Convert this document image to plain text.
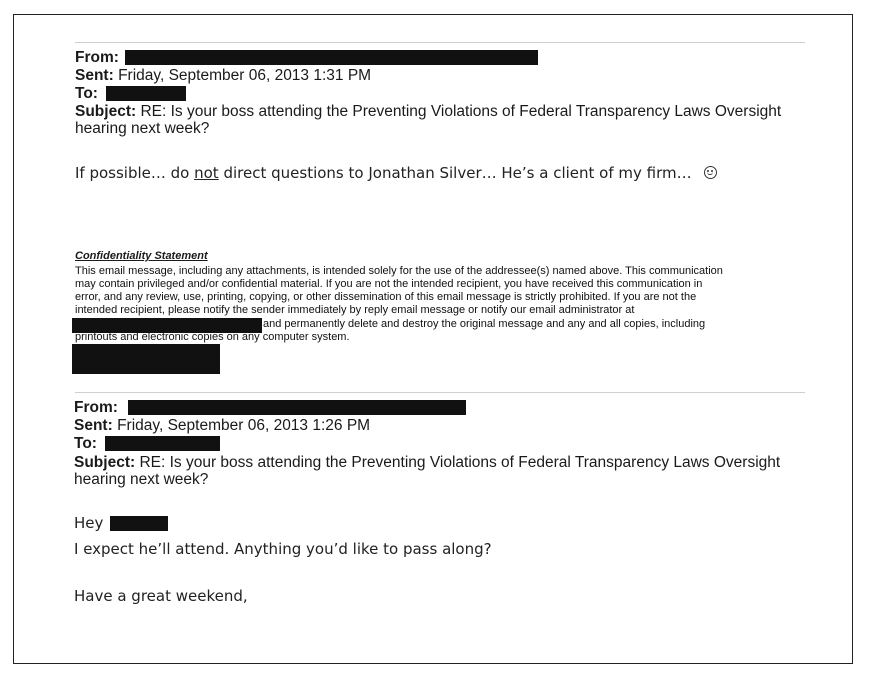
From:
Sent: Friday, September 06, 2013 1:31 PM
To:
Subject: RE: Is your boss attending the Preventing Violations of Federal Transparency Laws Oversight hearing next week?
If possible… do not direct questions to Jonathan Silver… He’s a client of my firm…
Confidentiality Statement
This email message, including any attachments, is intended solely for the use of the addressee(s) named above. This communication
may contain privileged and/or confidential material. If you are not the intended recipient, you have received this communication in
error, and any review, use, printing, copying, or other dissemination of this email message is strictly prohibited. If you are not the
intended recipient, please notify the sender immediately by reply email message or notify our email administrator at
and permanently delete and destroy the original message and any and all copies, including
printouts and electronic copies on any computer system.
From:
Sent: Friday, September 06, 2013 1:26 PM
To:
Subject: RE: Is your boss attending the Preventing Violations of Federal Transparency Laws Oversight hearing next week?
Hey
I expect he’ll attend. Anything you’d like to pass along?
Have a great weekend,
